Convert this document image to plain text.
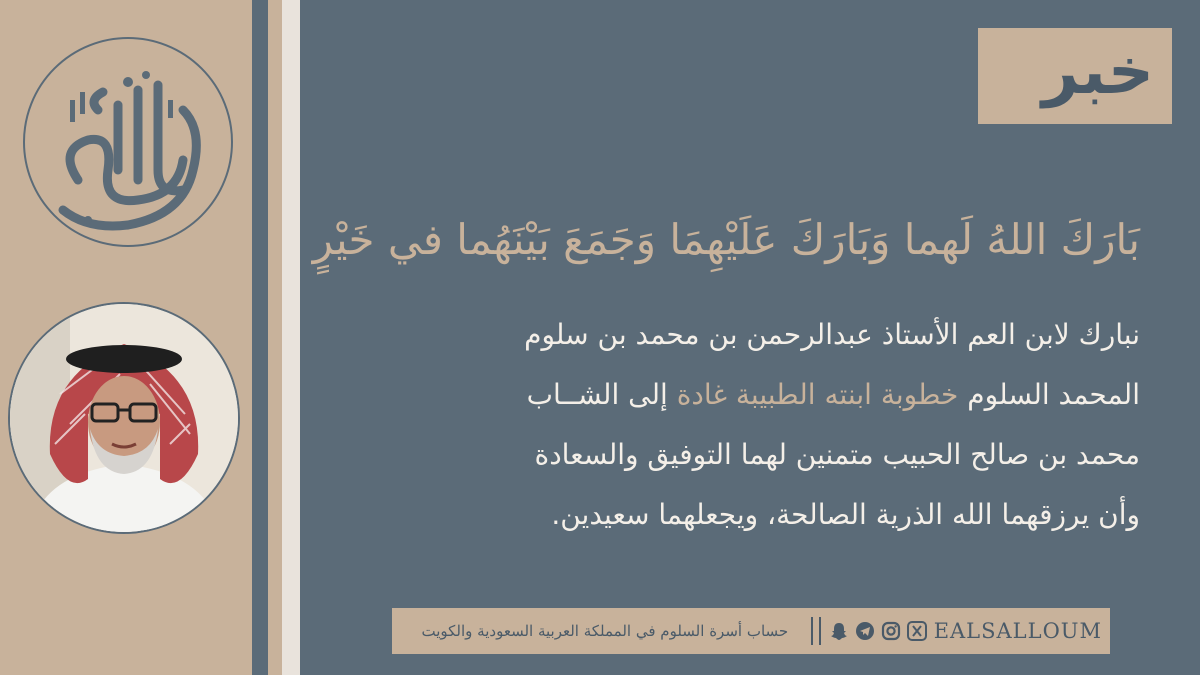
خبر
بَارَكَ اللهُ لَهما وَبَارَكَ عَلَيْهِمَا وَجَمَعَ بَيْنَهُما في خَيْرٍ
نبارك لابن العم الأستاذ عبدالرحمن بن محمد بن سلوم
المحمد السلوم خطوبة ابنته الطبيبة غادة إلى الشــاب
محمد بن صالح الحبيب متمنين لهما التوفيق والسعادة
وأن يرزقهما الله الذرية الصالحة، ويجعلهما سعيدين.
حساب أسرة السلوم في المملكة العربية السعودية والكويت	EALSALLOUM
